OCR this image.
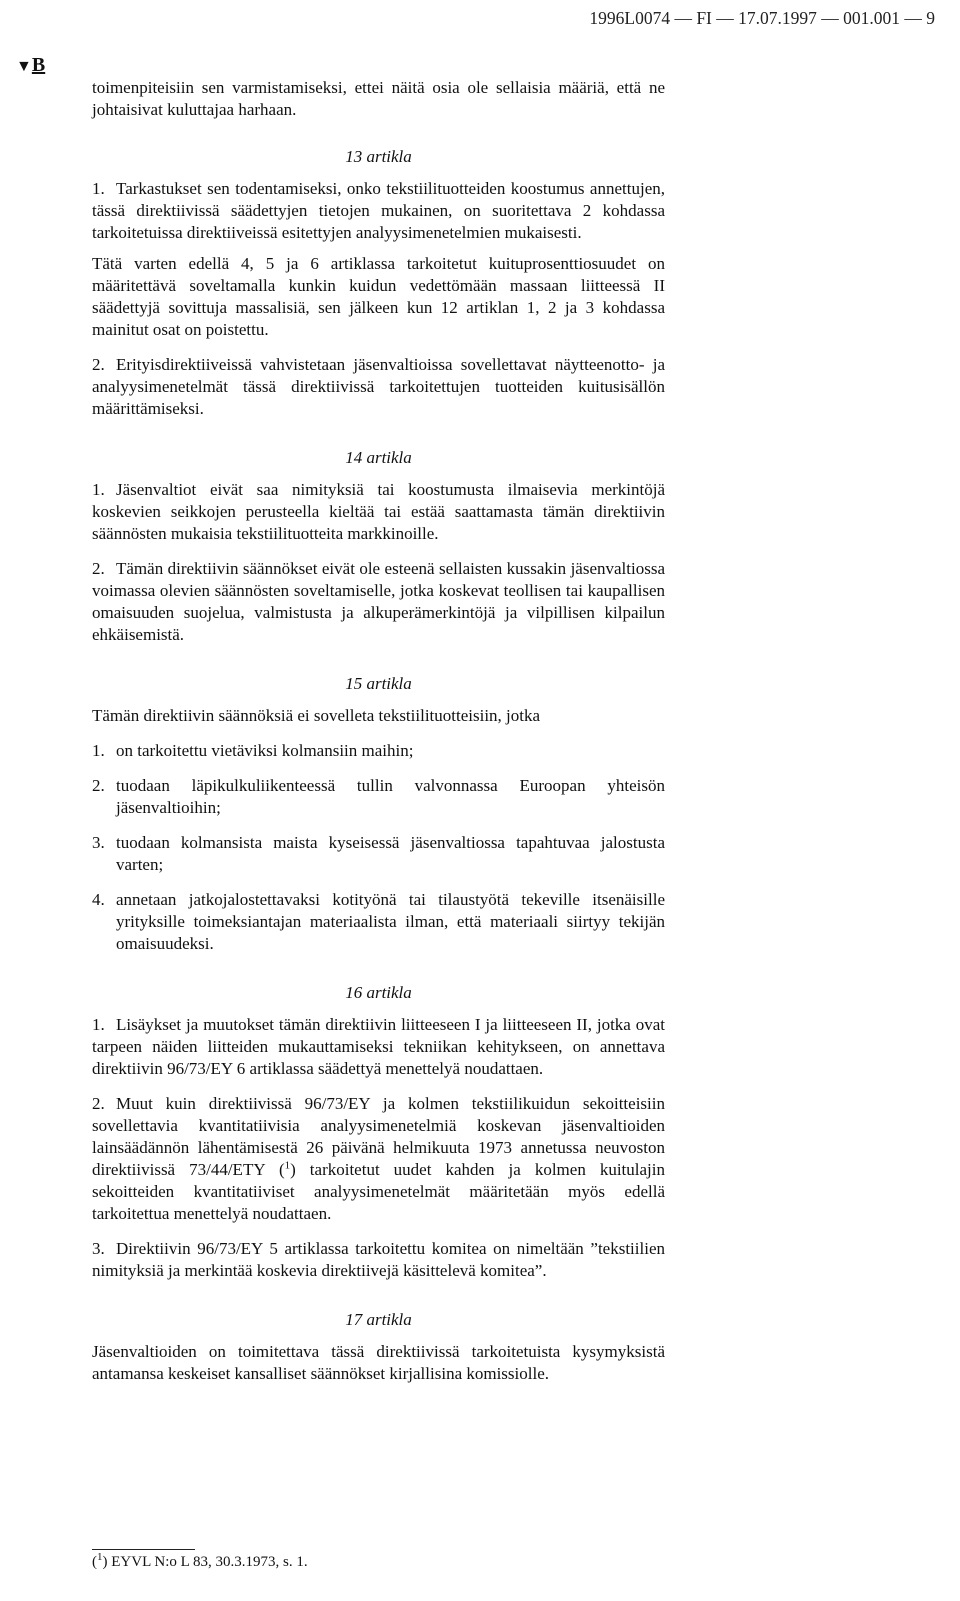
1996L0074 — FI — 17.07.1997 — 001.001 — 9
▼B

toimenpiteisiin sen varmistamiseksi, ettei näitä osia ole sellaisia määriä, että ne johtaisivat kuluttajaa harhaan.

13 artikla

1. Tarkastukset sen todentamiseksi, onko tekstiilituotteiden koostumus annettujen, tässä direktiivissä säädettyjen tietojen mukainen, on suoritettava 2 kohdassa tarkoitetuissa direktiiveissä esitettyjen analyysimenetelmien mukaisesti.

Tätä varten edellä 4, 5 ja 6 artiklassa tarkoitetut kuituprosenttiosuudet on määritettävä soveltamalla kunkin kuidun vedettömään massaan liitteessä II säädettyjä sovittuja massalisiä, sen jälkeen kun 12 artiklan 1, 2 ja 3 kohdassa mainitut osat on poistettu.

2. Erityisdirektiiveissä vahvistetaan jäsenvaltioissa sovellettavat näytteenotto- ja analyysimenetelmät tässä direktiivissä tarkoitettujen tuotteiden kuitusisällön määrittämiseksi.

14 artikla

1. Jäsenvaltiot eivät saa nimityksiä tai koostumusta ilmaisevia merkintöjä koskevien seikkojen perusteella kieltää tai estää saattamasta tämän direktiivin säännösten mukaisia tekstiilituotteita markkinoille.

2. Tämän direktiivin säännökset eivät ole esteenä sellaisten kussakin jäsenvaltiossa voimassa olevien säännösten soveltamiselle, jotka koskevat teollisen tai kaupallisen omaisuuden suojelua, valmistusta ja alkuperämerkintöjä ja vilpillisen kilpailun ehkäisemistä.

15 artikla

Tämän direktiivin säännöksiä ei sovelleta tekstiilituotteisiin, jotka

1. on tarkoitettu vietäviksi kolmansiin maihin;
2. tuodaan läpikulkuliikenteessä tullin valvonnassa Euroopan yhteisön jäsenvaltioihin;
3. tuodaan kolmansista maista kyseisessä jäsenvaltiossa tapahtuvaa jalostusta varten;
4. annetaan jatkojalostettavaksi kotityönä tai tilaustyötä tekeville itsenäisille yrityksille toimeksiantajan materiaalista ilman, että materiaali siirtyy tekijän omaisuudeksi.
16 artikla

1. Lisäykset ja muutokset tämän direktiivin liitteeseen I ja liitteeseen II, jotka ovat tarpeen näiden liitteiden mukauttamiseksi tekniikan kehitykseen, on annettava direktiivin 96/73/EY 6 artiklassa säädettyä menettelyä noudattaen.

2. Muut kuin direktiivissä 96/73/EY ja kolmen tekstiilikuidun sekoitteisiin sovellettavia kvantitatiivisia analyysimenetelmiä koskevan jäsenvaltioiden lainsäädännön lähentämisestä 26 päivänä helmikuuta 1973 annetussa neuvoston direktiivissä 73/44/ETY ($^1$) tarkoitetut uudet kahden ja kolmen kuitulajin sekoitteiden kvantitatiiviset analyysimenetelmät määritetään myös edellä tarkoitettua menettelyä noudattaen.

3. Direktiivin 96/73/EY 5 artiklassa tarkoitettu komitea on nimeltään ”tekstiilien nimityksiä ja merkintää koskevia direktiivejä käsittelevä komitea”.

17 artikla

Jäsenvaltioiden on toimitettava tässä direktiivissä tarkoitetuista kysymyksistä antamansa keskeiset kansalliset säännökset kirjallisina komissiolle.

($^1$) EYVL N:o L 83, 30.3.1973, s. 1.
